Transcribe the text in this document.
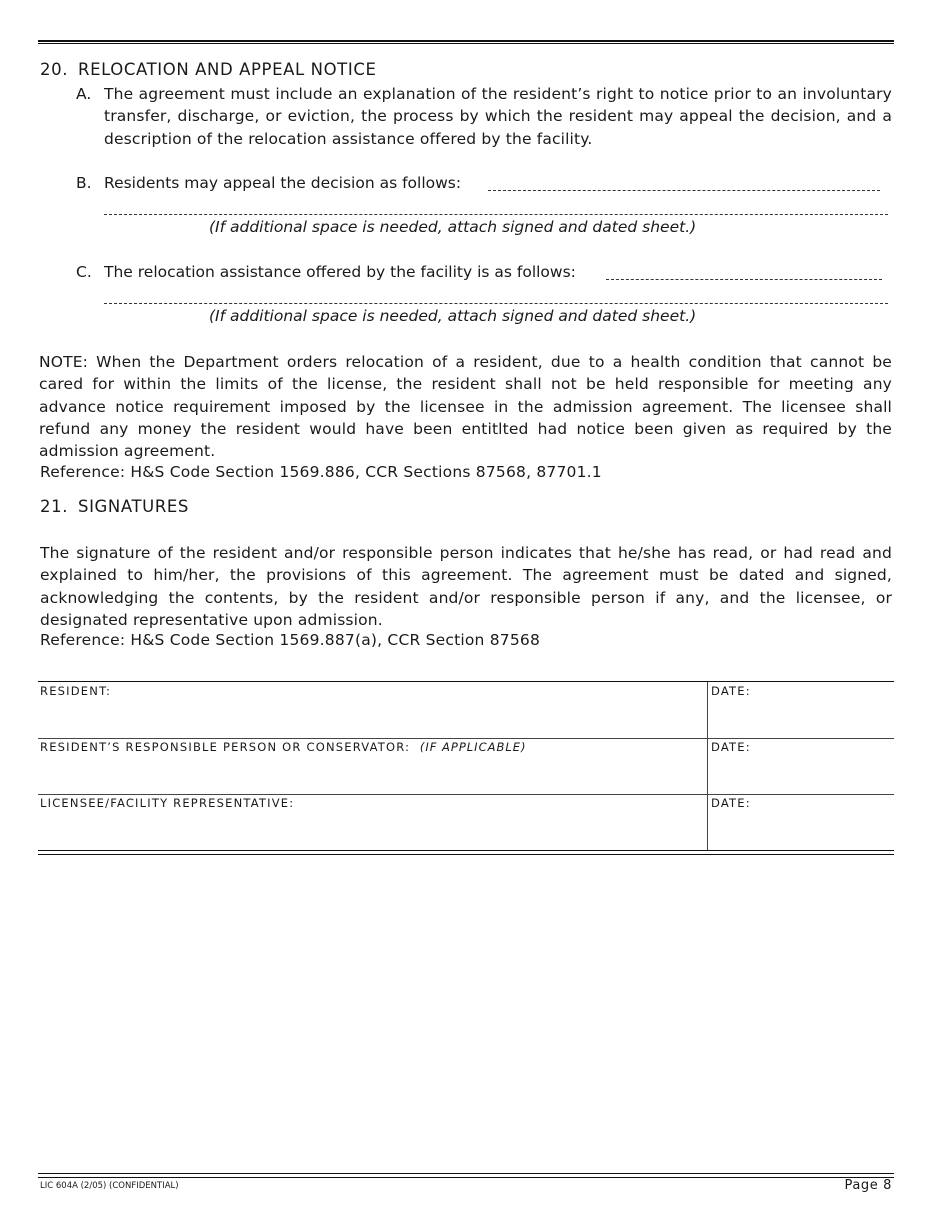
20. RELOCATION AND APPEAL NOTICE
A. The agreement must include an explanation of the resident’s right to notice prior to an involuntary transfer, discharge, or eviction, the process by which the resident may appeal the decision, and a description of the relocation assistance offered by the facility.
B. Residents may appeal the decision as follows:
(If additional space is needed, attach signed and dated sheet.)
C. The relocation assistance offered by the facility is as follows:
(If additional space is needed, attach signed and dated sheet.)
NOTE: When the Department orders relocation of a resident, due to a health condition that cannot be cared for within the limits of the license, the resident shall not be held responsible for meeting any advance notice requirement imposed by the licensee in the admission agreement. The licensee shall refund any money the resident would have been entitlted had notice been given as required by the admission agreement.
Reference: H&S Code Section 1569.886, CCR Sections 87568, 87701.1
21. SIGNATURES
The signature of the resident and/or responsible person indicates that he/she has read, or had read and explained to him/her, the provisions of this agreement. The agreement must be dated and signed, acknowledging the contents, by the resident and/or responsible person if any, and the licensee, or designated representative upon admission.
Reference: H&S Code Section 1569.887(a), CCR Section 87568
RESIDENT:	DATE:
RESIDENT’S RESPONSIBLE PERSON OR CONSERVATOR: (IF APPLICABLE)	DATE:
LICENSEE/FACILITY REPRESENTATIVE:	DATE:
LIC 604A (2/05) (CONFIDENTIAL)	Page 8
